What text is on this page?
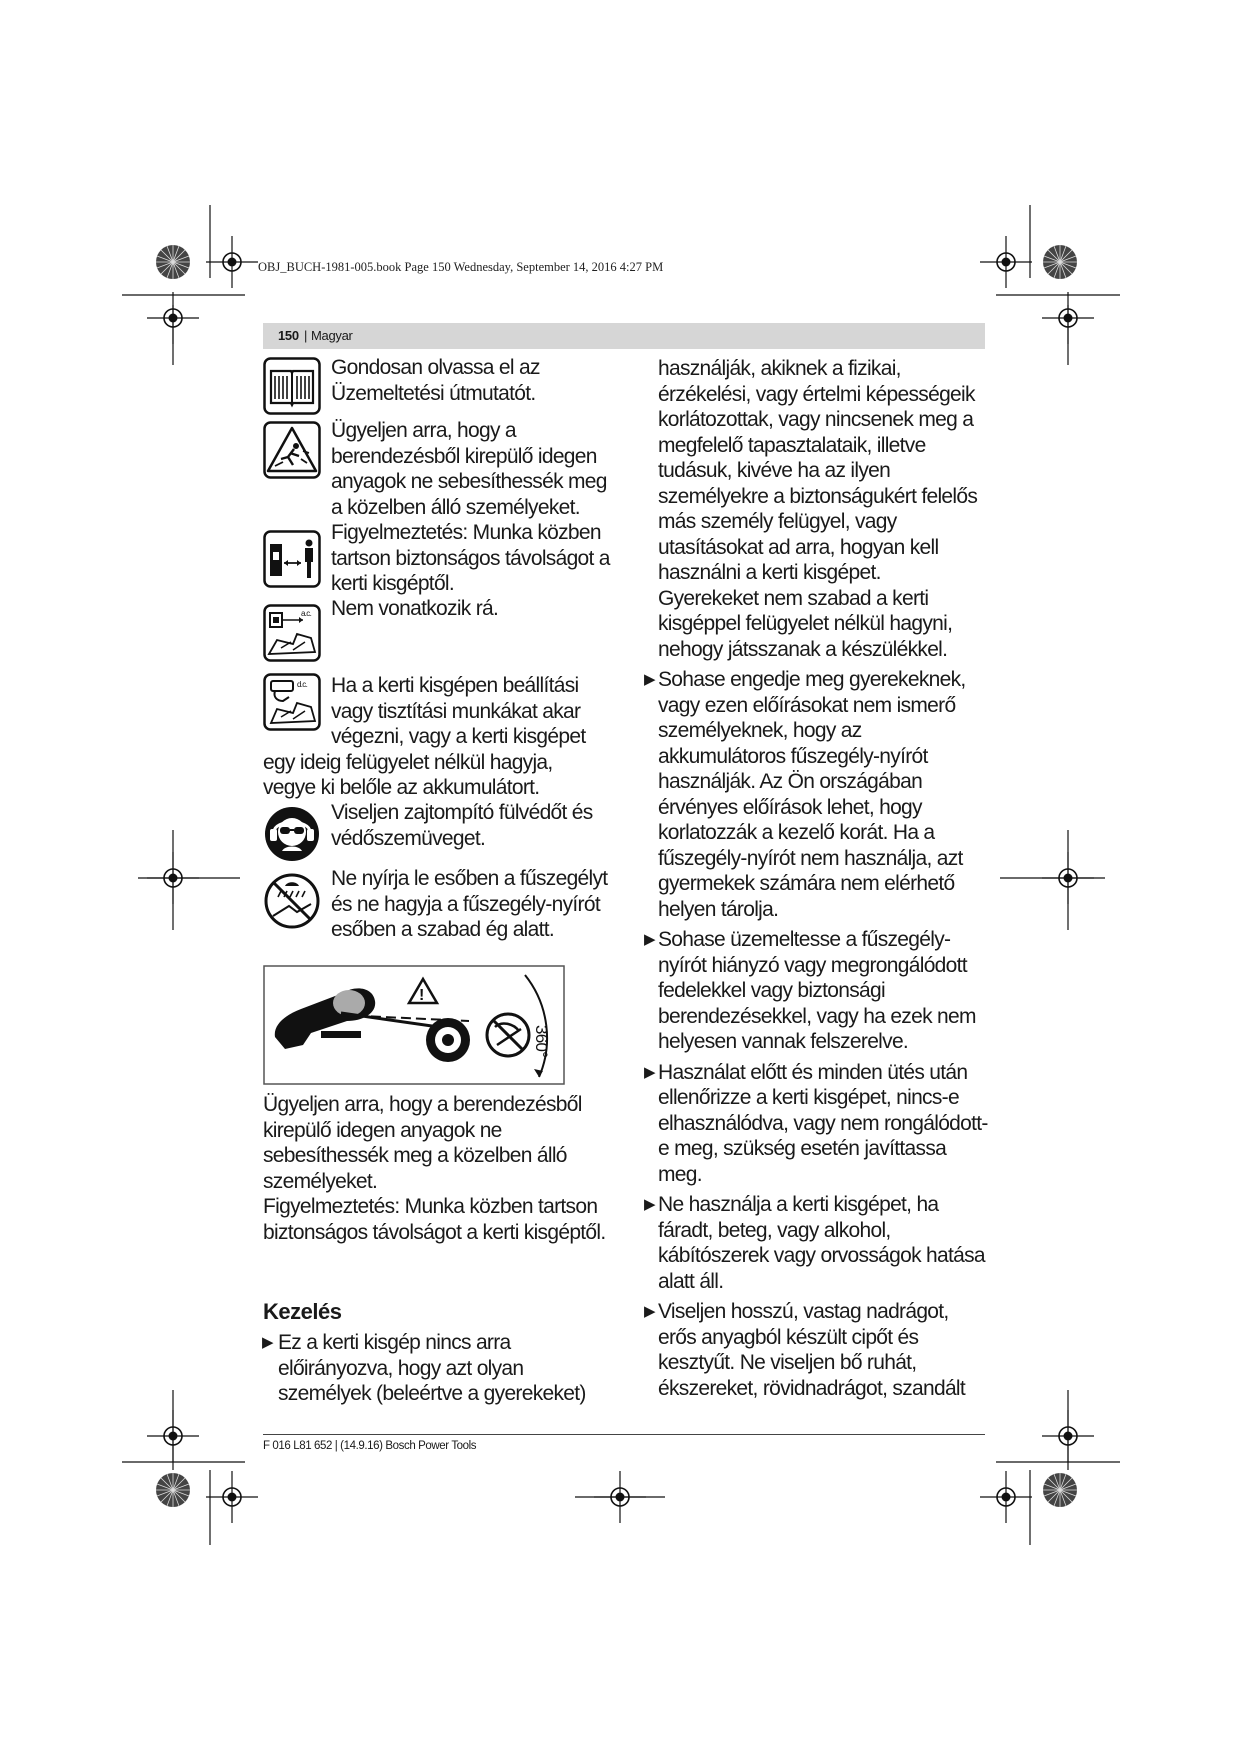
OBJ_BUCH-1981-005.book Page 150 Wednesday, September 14, 2016 4:27 PM
150 | Magyar
Gondosan olvassa el az Üzemeltetési útmutatót.
Ügyeljen arra, hogy a berendezésből kirepülő idegen anyagok ne sebesíthessék meg a közelben álló személyeket.
Figyelmeztetés: Munka közben tartson biztonságos távolságot a kerti kisgéptől.
a.c. Nem vonatkozik rá.
d.c. Ha a kerti kisgépen beállítási
vagy tisztítási munkákat akar
végezni, vagy a kerti kisgépet
egy ideig felügyelet nélkül hagyja,
vegye ki belőle az akkumulátort.
Viseljen zajtompító fülvédőt és védőszemüveget.
Ne nyírja le esőben a fűszegélyt és ne hagyja a fűszegély-nyírót esőben a szabad ég alatt.
!
360°
Ügyeljen arra, hogy a berendezésből kirepülő idegen anyagok ne sebesíthessék meg a közelben álló személyeket.
Figyelmeztetés: Munka közben tartson biztonságos távolságot a kerti kisgéptől.
Kezelés
▶ Ez a kerti kisgép nincs arra előirányozva, hogy azt olyan személyek (beleértve a gyerekeket)
használják, akiknek a fizikai, érzékelési, vagy értelmi képességeik korlátozottak, vagy nincsenek meg a megfelelő tapasztalataik, illetve tudásuk, kivéve ha az ilyen személyekre a biztonságukért felelős más személy felügyel, vagy utasításokat ad arra, hogyan kell használni a kerti kisgépet.
Gyerekeket nem szabad a kerti kisgéppel felügyelet nélkül hagyni, nehogy játsszanak a készülékkel.
▶ Sohase engedje meg gyerekeknek, vagy ezen előírásokat nem ismerő személyeknek, hogy az akkumulátoros fűszegély-nyírót használják. Az Ön országában érvényes előírások lehet, hogy korlatozzák a kezelő korát. Ha a fűszegély-nyírót nem használja, azt gyermekek számára nem elérhető helyen tárolja.
▶ Sohase üzemeltesse a fűszegély-nyírót hiányzó vagy megrongálódott fedelekkel vagy biztonsági berendezésekkel, vagy ha ezek nem helyesen vannak felszerelve.
▶ Használat előtt és minden ütés után ellenőrizze a kerti kisgépet, nincs-e elhasználódva, vagy nem rongálódott-e meg, szükség esetén javíttassa meg.
▶ Ne használja a kerti kisgépet, ha fáradt, beteg, vagy alkohol, kábítószerek vagy orvosságok hatása alatt áll.
▶ Viseljen hosszú, vastag nadrágot, erős anyagból készült cipőt és kesztyűt. Ne viseljen bő ruhát, ékszereket, rövidnadrágot, szandált
F 016 L81 652 | (14.9.16) Bosch Power Tools
